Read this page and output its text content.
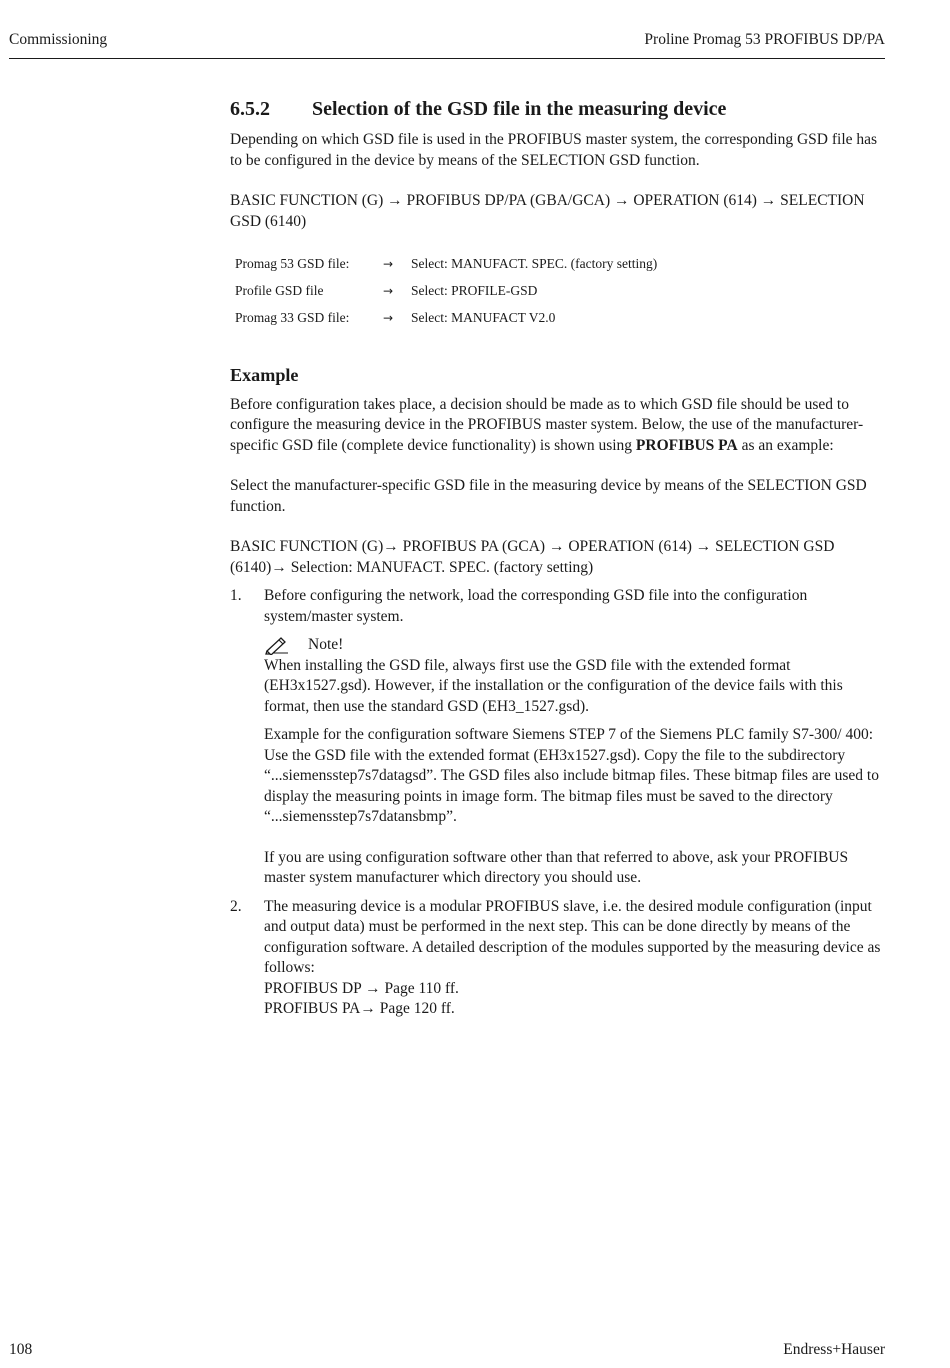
Commissioning	Proline Promag 53 PROFIBUS DP/PA
6.5.2	Selection of the GSD file in the measuring device

Depending on which GSD file is used in the PROFIBUS master system, the corresponding GSD file has to be configured in the device by means of the SELECTION GSD function.

BASIC FUNCTION (G) → PROFIBUS DP/PA (GBA/GCA) → OPERATION (614) → SELECTION GSD (6140)

Promag 53 GSD file:	→	Select: MANUFACT. SPEC. (factory setting)
Profile GSD file	→	Select: PROFILE-GSD
Promag 33 GSD file:	→	Select: MANUFACT V2.0
Example

Before configuration takes place, a decision should be made as to which GSD file should be used to configure the measuring device in the PROFIBUS master system. Below, the use of the manufacturer-specific GSD file (complete device functionality) is shown using PROFIBUS PA as an example:

Select the manufacturer-specific GSD file in the measuring device by means of the SELECTION GSD function.

BASIC FUNCTION (G)→ PROFIBUS PA (GCA) → OPERATION (614) → SELECTION GSD (6140)→ Selection: MANUFACT. SPEC. (factory setting)

1.	Before configuring the network, load the corresponding GSD file into the configuration system/master system.

Note!

When installing the GSD file, always first use the GSD file with the extended format (EH3x1527.gsd). However, if the installation or the configuration of the device fails with this format, then use the standard GSD (EH3_1527.gsd).

Example for the configuration software Siemens STEP 7 of the Siemens PLC family S7-300/ 400:

Use the GSD file with the extended format (EH3x1527.gsd). Copy the file to the subdirectory “...siemensstep7s7datagsd”. The GSD files also include bitmap files. These bitmap files are used to display the measuring points in image form. The bitmap files must be saved to the directory “...siemensstep7s7datansbmp”.

If you are using configuration software other than that referred to above, ask your PROFIBUS master system manufacturer which directory you should use.

2.	The measuring device is a modular PROFIBUS slave, i.e. the desired module configuration (input and output data) must be performed in the next step. This can be done directly by means of the configuration software. A detailed description of the modules supported by the measuring device as follows:

PROFIBUS DP → Page 110 ff.

PROFIBUS PA→ Page 120 ff.

108	Endress+Hauser
